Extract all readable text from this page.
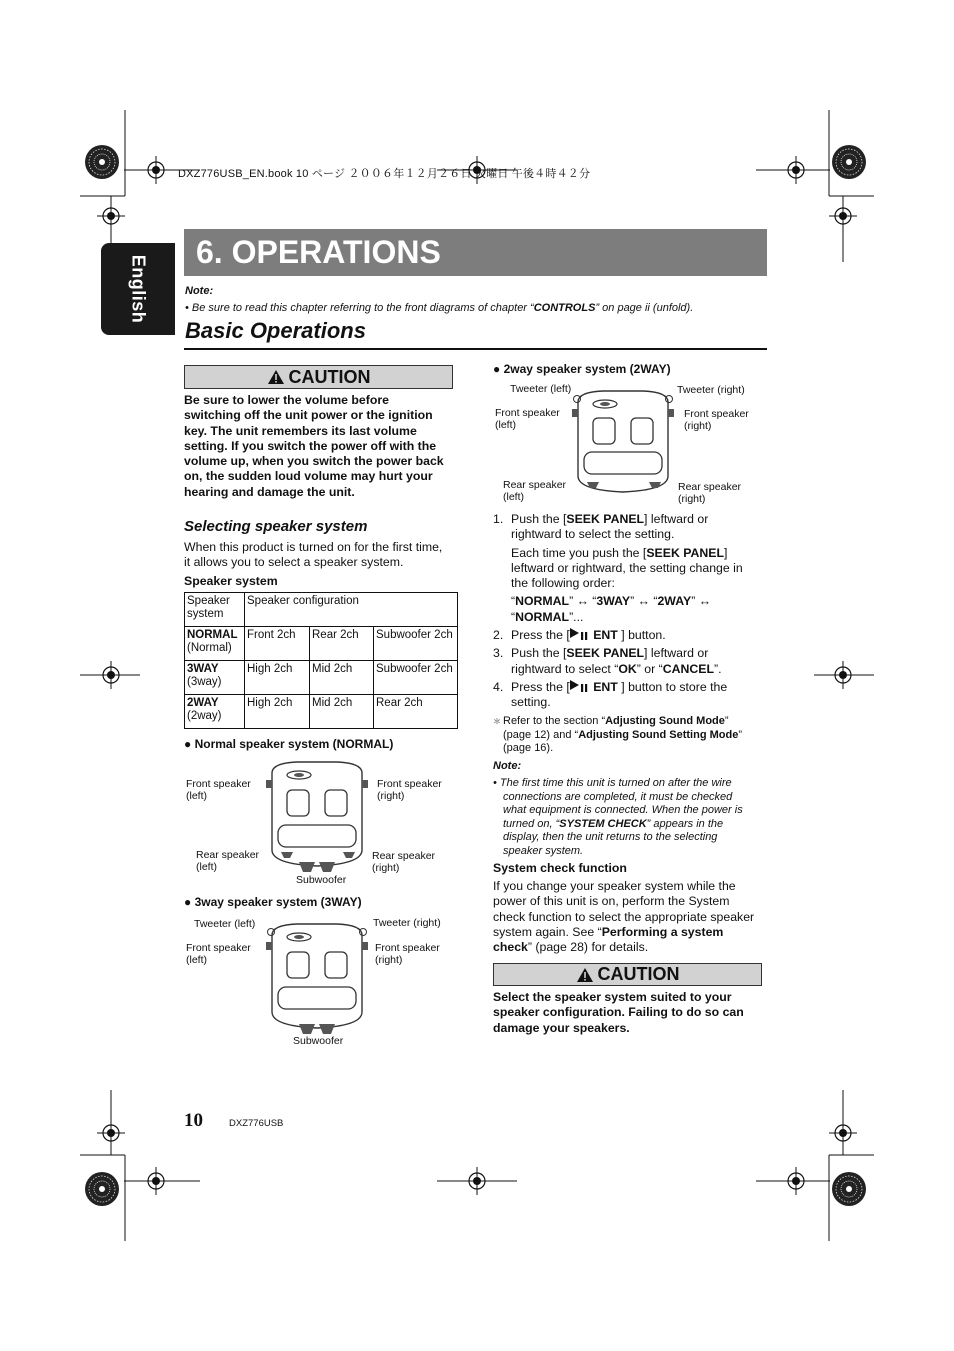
DXZ776USB_EN.book 10 ページ ２００６年１２月２６日 火曜日 午後４時４２分
English
6. OPERATIONS
Note:
• Be sure to read this chapter referring to the front diagrams of chapter “CONTROLS” on page ii (unfold).
Basic Operations
CAUTION
Be sure to lower the volume before
switching off the unit power or the ignition
key. The unit remembers its last volume
setting. If you switch the power off with the
volume up, when you switch the power back
on, the sudden loud volume may hurt your
hearing and damage the unit.
Selecting speaker system
When this product is turned on for the first time,
it allows you to select a speaker system.
Speaker system
Speaker
system	Speaker configuration		
NORMAL
(Normal)	Front 2ch	Rear 2ch	Subwoofer 2ch
3WAY
(3way)	High 2ch	Mid 2ch	Subwoofer 2ch
2WAY
(2way)	High 2ch	Mid 2ch	Rear 2ch
● Normal speaker system (NORMAL)
Front speaker
(left)
Front speaker
(right)
Rear speaker
(left)
Rear speaker
(right)
Subwoofer
● 3way speaker system (3WAY)
Tweeter (left)	Tweeter (right)
Front speaker
(left)
Front speaker
(right)
Subwoofer
● 2way speaker system (2WAY)
Tweeter (left)	Tweeter (right)
Front speaker
(left)
Front speaker
(right)
Rear speaker
(left)
Rear speaker
(right)
1. Push the [SEEK PANEL] leftward or
rightward to select the setting.
Each time you push the [SEEK PANEL]
leftward or rightward, the setting change in
the following order:
“NORMAL” ↔ “3WAY” ↔ “2WAY” ↔
“NORMAL”...
2. Press the [ ENT ] button.
3. Push the [SEEK PANEL] leftward or
rightward to select “OK” or “CANCEL”.
4. Press the [ ENT ] button to store the
setting.
＊ Refer to the section “Adjusting Sound Mode”
(page 12) and “Adjusting Sound Setting Mode”
(page 16).
Note:
• The first time this unit is turned on after the wire
connections are completed, it must be checked
what equipment is connected. When the power is
turned on, “SYSTEM CHECK” appears in the
display, then the unit returns to the selecting
speaker system.
System check function
If you change your speaker system while the
power of this unit is on, perform the System
check function to select the appropriate speaker
system again. See “Performing a system
check” (page 28) for details.
CAUTION
Select the speaker system suited to your
speaker configuration. Failing to do so can
damage your speakers.
10	DXZ776USB
